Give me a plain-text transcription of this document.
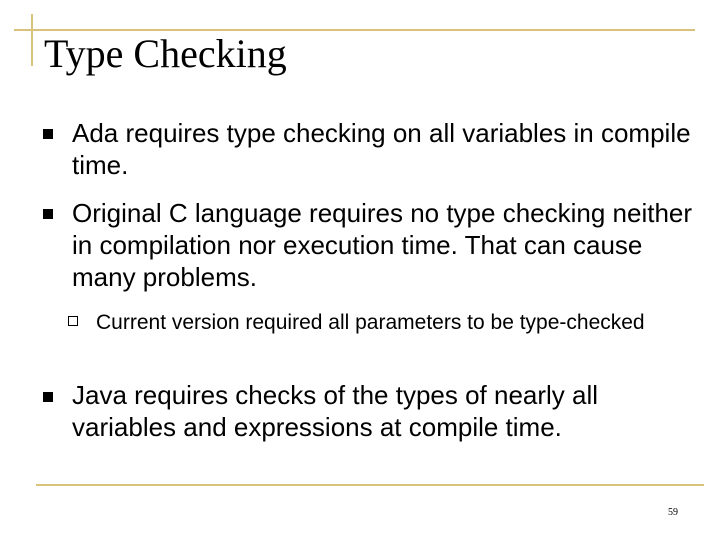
Type Checking
Ada requires type checking on all variables in compile time.
Original C language requires no type checking neither in compilation nor execution time. That can cause many problems.
Current version required all parameters to be type-checked
Java requires checks of the types of nearly all variables and expressions at compile time.
59
